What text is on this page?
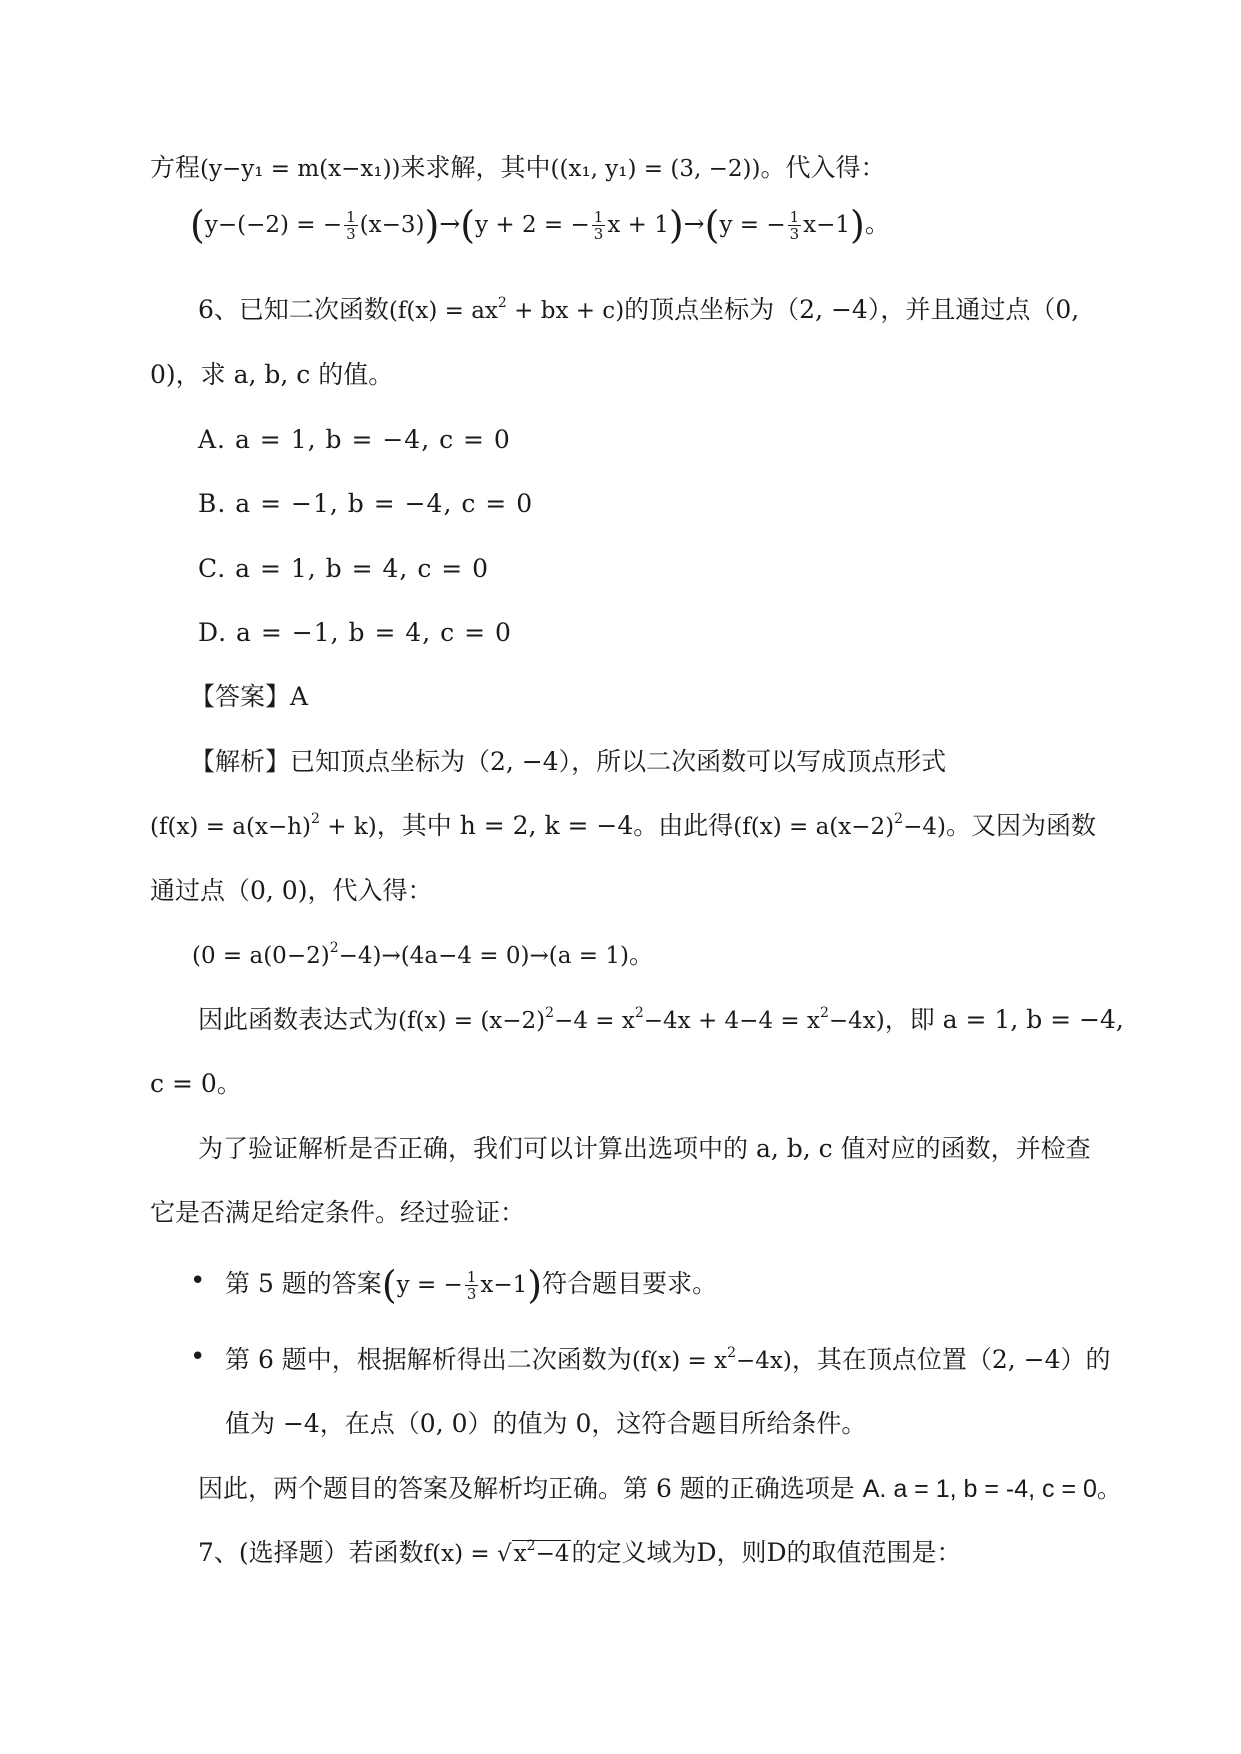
方程(y−y₁ = m(x−x₁))来求解，其中((x₁, y₁) = (3, −2))。代入得：
(y−(−2) = − $\frac{1}{3} (x-3))\to(y + 2$ = − $\frac{1}{3}$ x + 1)→(y = − $\frac{1}{3} x-1$)。
6、已知二次函数($f(x) = ax^2$ + bx + c)的顶点坐标为（2, −4），并且通过点（0,
0)，求 a, b, c 的值。
A. a = 1, b = −4, c = 0
B. a = −1, b = −4, c = 0
C. a = 1, b = 4, c = 0
D. a = −1, b = 4, c = 0
【答案】A
【解析】已知顶点坐标为（2, −4），所以二次函数可以写成顶点形式
$(f(x) = a(x-h)^2 + k)$，其中 h = 2, k = −4。由此得$(f(x) = a(x-2)^2-4)$。又因为函数
通过点（0, 0)，代入得：
$(0 = a(0-2)^2-4)\to(4a-4 = 0)\to(a = 1)$。
因此函数表达式为$(f(x) = (x-2)^2-4 = x^2-4x + 4-4 = x^2-4x)$，即 a = 1, b = −4,
c = 0。
为了验证解析是否正确，我们可以计算出选项中的 a, b, c 值对应的函数，并检查
它是否满足给定条件。经过验证：
• 第 5 题的答案(y = − $\frac{1}{3} x-1$)符合题目要求。
• 第 6 题中，根据解析得出二次函数为$(f(x) = x^2-4x)$，其在顶点位置（2, −4）的
值为 −4，在点（0, 0）的值为 0，这符合题目所给条件。
因此，两个题目的答案及解析均正确。第 6 题的正确选项是 A. a = 1, b = -4, c = 0。
7、(选择题）若函数$f(x) = √x^2-4$的定义域为D，则D的取值范围是：
